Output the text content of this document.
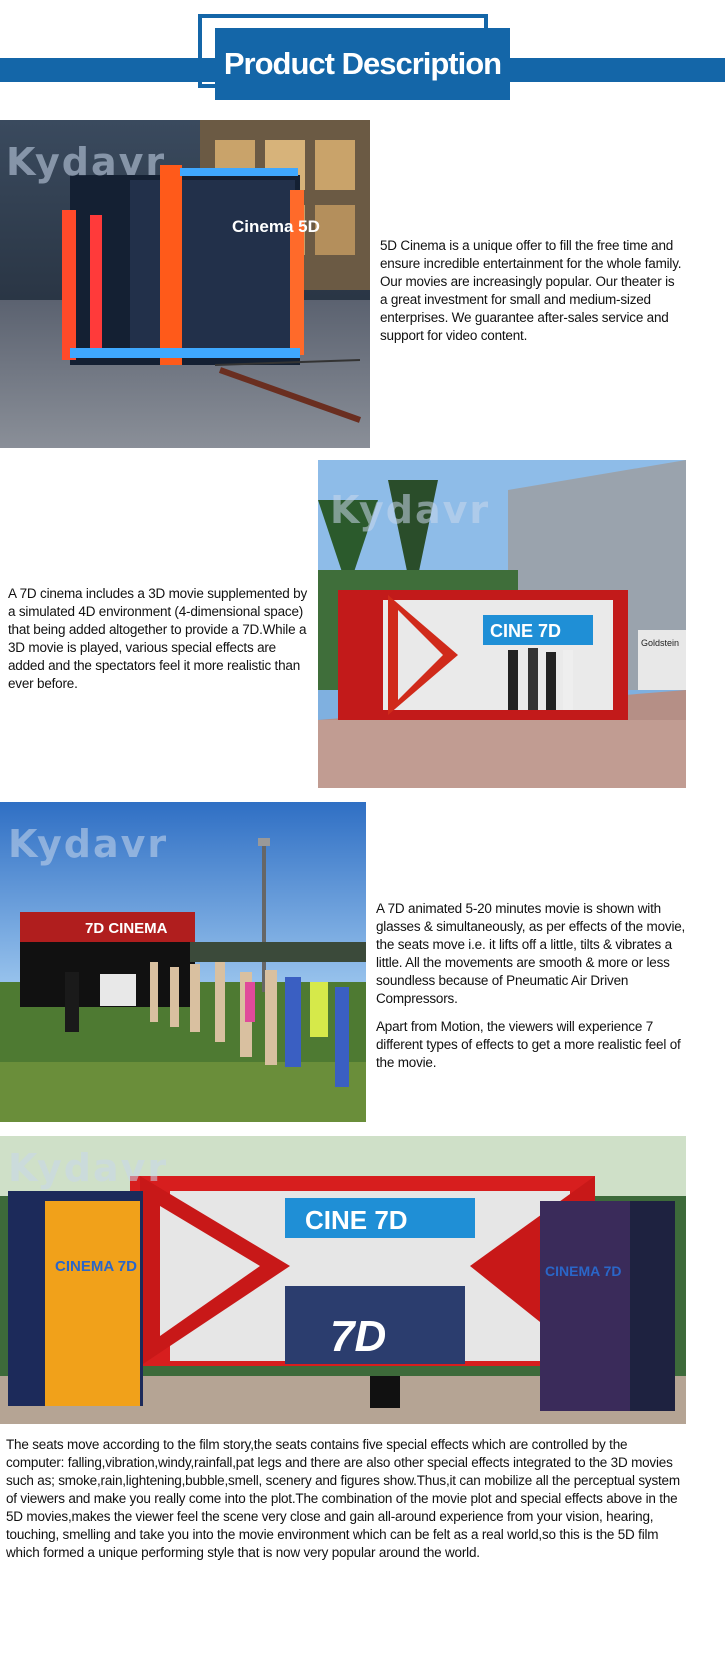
Product Description
Cinema 5D
Kydavr
5D Cinema is a unique offer to fill the free time and ensure incredible entertainment for the whole family. Our movies are increasingly popular. Our theater is a great investment for small and medium-sized enterprises. We guarantee after-sales service and support for video content.
A 7D cinema includes a 3D movie supplemented by a simulated 4D environment (4-dimensional space) that being added altogether to provide a 7D.While a 3D movie is played, various special effects are added and the spectators feel it more realistic than ever before.
Goldstein
CINE 7D
Kydavr
7D CINEMA
Kydavr
A 7D animated 5-20 minutes movie is shown with glasses & simultaneously, as per effects of the movie, the seats move i.e. it lifts off a little, tilts & vibrates a little. All the movements are smooth & more or less soundless because of Pneumatic Air Driven Compressors.
Apart from Motion, the viewers will experience 7 different types of effects to get a more realistic feel of the movie.
CINE 7D
7D
CINEMA 7D	CINEMA 7D
Kydavr
The seats move according to the film story,the seats contains five special effects which are controlled by the computer: falling,vibration,windy,rainfall,pat legs and there are also other special effects integrated to the 3D movies such as; smoke,rain,lightening,bubble,smell, scenery and figures show.Thus,it can mobilize all the perceptual system of viewers and make you really come into the plot.The combination of the movie plot and special effects above in the 5D movies,makes the viewer feel the scene very close and gain all-around experience from your vision, hearing, touching, smelling and take you into the movie environment which can be felt as a real world,so this is the 5D film which formed a unique performing style that is now very popular around the world.
